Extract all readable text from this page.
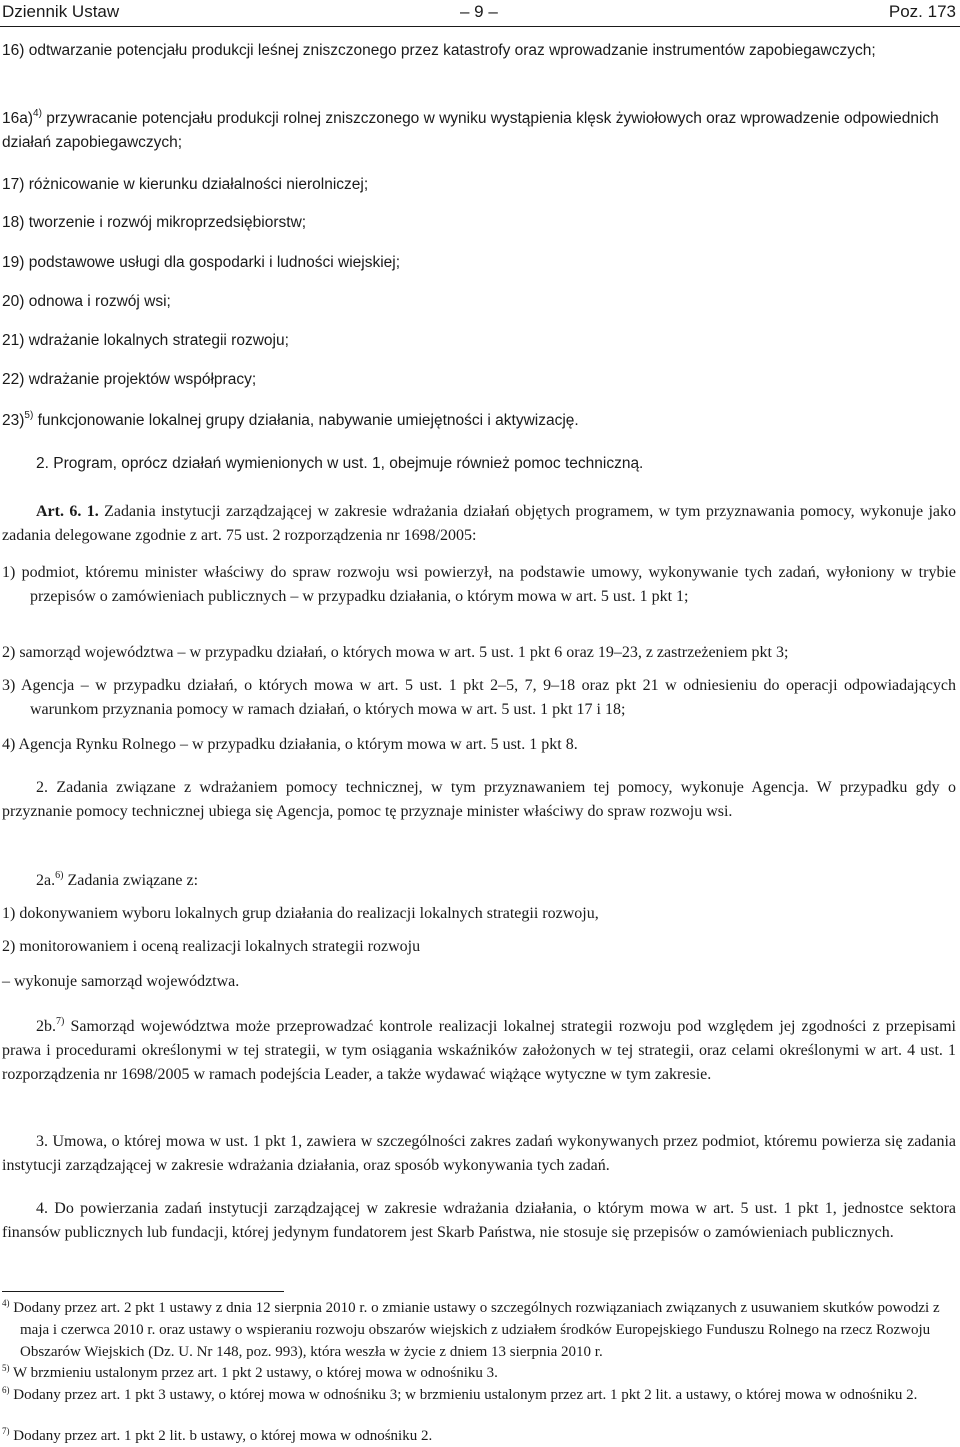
Dziennik Ustaw	– 9 –	Poz. 173
16) odtwarzanie potencjału produkcji leśnej zniszczonego przez katastrofy oraz wprowadzanie instrumentów zapobiegawczych;
16a)$^{4)}$ przywracanie potencjału produkcji rolnej zniszczonego w wyniku wystąpienia klęsk żywiołowych oraz wprowadzenie odpowiednich działań zapobiegawczych;
17) różnicowanie w kierunku działalności nierolniczej;
18) tworzenie i rozwój mikroprzedsiębiorstw;
19) podstawowe usługi dla gospodarki i ludności wiejskiej;
20) odnowa i rozwój wsi;
21) wdrażanie lokalnych strategii rozwoju;
22) wdrażanie projektów współpracy;
23)$^{5)}$ funkcjonowanie lokalnej grupy działania, nabywanie umiejętności i aktywizację.
2. Program, oprócz działań wymienionych w ust. 1, obejmuje również pomoc techniczną.
Art. 6. 1. Zadania instytucji zarządzającej w zakresie wdrażania działań objętych programem, w tym przyznawania pomocy, wykonuje jako zadania delegowane zgodnie z art. 75 ust. 2 rozporządzenia nr 1698/2005:
1) podmiot, któremu minister właściwy do spraw rozwoju wsi powierzył, na podstawie umowy, wykonywanie tych zadań, wyłoniony w trybie przepisów o zamówieniach publicznych – w przypadku działania, o którym mowa w art. 5 ust. 1 pkt 1;
2) samorząd województwa – w przypadku działań, o których mowa w art. 5 ust. 1 pkt 6 oraz 19–23, z zastrzeżeniem pkt 3;
3) Agencja – w przypadku działań, o których mowa w art. 5 ust. 1 pkt 2–5, 7, 9–18 oraz pkt 21 w odniesieniu do operacji odpowiadających warunkom przyznania pomocy w ramach działań, o których mowa w art. 5 ust. 1 pkt 17 i 18;
4) Agencja Rynku Rolnego – w przypadku działania, o którym mowa w art. 5 ust. 1 pkt 8.
2. Zadania związane z wdrażaniem pomocy technicznej, w tym przyznawaniem tej pomocy, wykonuje Agencja. W przypadku gdy o przyznanie pomocy technicznej ubiega się Agencja, pomoc tę przyznaje minister właściwy do spraw rozwoju wsi.
2a.$^{6)}$ Zadania związane z:
1) dokonywaniem wyboru lokalnych grup działania do realizacji lokalnych strategii rozwoju,
2) monitorowaniem i oceną realizacji lokalnych strategii rozwoju
– wykonuje samorząd województwa.
2b.$^{7)}$ Samorząd województwa może przeprowadzać kontrole realizacji lokalnej strategii rozwoju pod względem jej zgodności z przepisami prawa i procedurami określonymi w tej strategii, w tym osiągania wskaźników założonych w tej strategii, oraz celami określonymi w art. 4 ust. 1 rozporządzenia nr 1698/2005 w ramach podejścia Leader, a także wydawać wiążące wytyczne w tym zakresie.
3. Umowa, o której mowa w ust. 1 pkt 1, zawiera w szczególności zakres zadań wykonywanych przez podmiot, któremu powierza się zadania instytucji zarządzającej w zakresie wdrażania działania, oraz sposób wykonywania tych zadań.
4. Do powierzania zadań instytucji zarządzającej w zakresie wdrażania działania, o którym mowa w art. 5 ust. 1 pkt 1, jednostce sektora finansów publicznych lub fundacji, której jedynym fundatorem jest Skarb Państwa, nie stosuje się przepisów o zamówieniach publicznych.
$^{4)}$ Dodany przez art. 2 pkt 1 ustawy z dnia 12 sierpnia 2010 r. o zmianie ustawy o szczególnych rozwiązaniach związanych z usuwaniem skutków powodzi z maja i czerwca 2010 r. oraz ustawy o wspieraniu rozwoju obszarów wiejskich z udziałem środków Europejskiego Funduszu Rolnego na rzecz Rozwoju Obszarów Wiejskich (Dz. U. Nr 148, poz. 993), która weszła w życie z dniem 13 sierpnia 2010 r.
$^{5)}$ W brzmieniu ustalonym przez art. 1 pkt 2 ustawy, o której mowa w odnośniku 3.
$^{6)}$ Dodany przez art. 1 pkt 3 ustawy, o której mowa w odnośniku 3; w brzmieniu ustalonym przez art. 1 pkt 2 lit. a ustawy, o której mowa w odnośniku 2.
$^{7)}$ Dodany przez art. 1 pkt 2 lit. b ustawy, o której mowa w odnośniku 2.
